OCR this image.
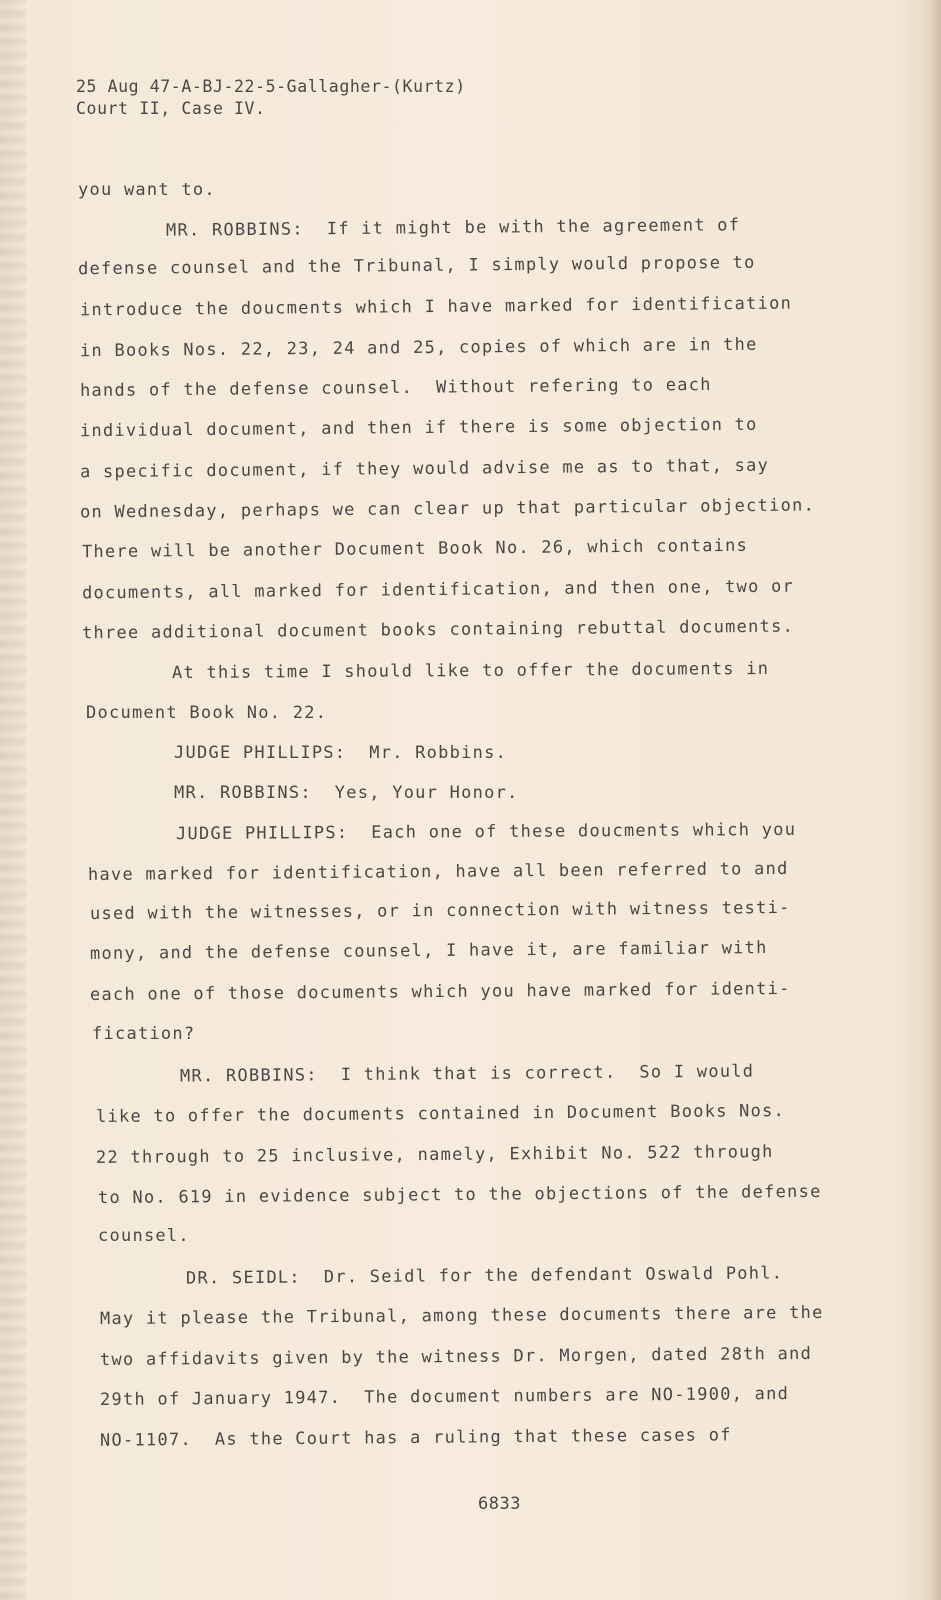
25 Aug 47-A-BJ-22-5-Gallagher-(Kurtz)
Court II, Case IV.
you want to.
MR. ROBBINS:  If it might be with the agreement of
defense counsel and the Tribunal, I simply would propose to
introduce the doucments which I have marked for identification
in Books Nos. 22, 23, 24 and 25, copies of which are in the
hands of the defense counsel.  Without refering to each
individual document, and then if there is some objection to
a specific document, if they would advise me as to that, say
on Wednesday, perhaps we can clear up that particular objection.
There will be another Document Book No. 26, which contains
documents, all marked for identification, and then one, two or
three additional document books containing rebuttal documents.
At this time I should like to offer the documents in
Document Book No. 22.
JUDGE PHILLIPS:  Mr. Robbins.
MR. ROBBINS:  Yes, Your Honor.
JUDGE PHILLIPS:  Each one of these doucments which you
have marked for identification, have all been referred to and
used with the witnesses, or in connection with witness testi-
mony, and the defense counsel, I have it, are familiar with
each one of those documents which you have marked for identi-
fication?
MR. ROBBINS:  I think that is correct.  So I would
like to offer the documents contained in Document Books Nos.
22 through to 25 inclusive, namely, Exhibit No. 522 through
to No. 619 in evidence subject to the objections of the defense
counsel.
DR. SEIDL:  Dr. Seidl for the defendant Oswald Pohl.
May it please the Tribunal, among these documents there are the
two affidavits given by the witness Dr. Morgen, dated 28th and
29th of January 1947.  The document numbers are NO-1900, and
NO-1107.  As the Court has a ruling that these cases of
6833
